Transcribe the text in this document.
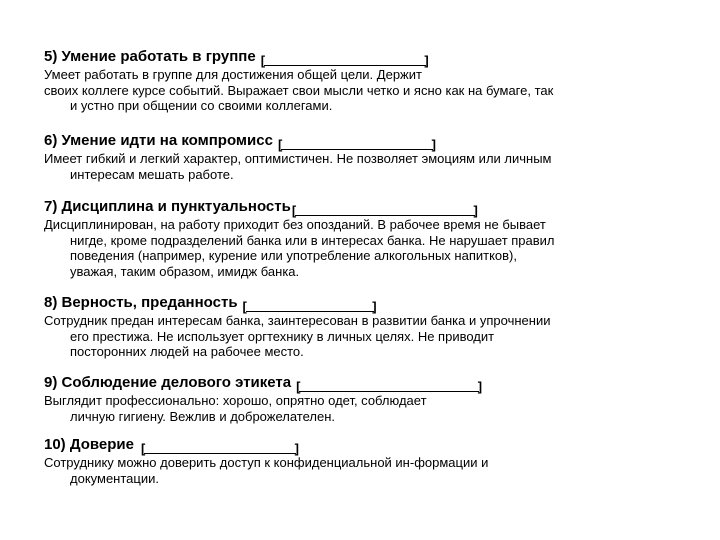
5) Умение работать в группе [	]
Умеет работать в группе для достижения общей цели. Держит
своих коллеге курсе событий. Выражает свои мысли четко и ясно как на бумаге, так
и устно при общении со своими коллегами.
6) Умение идти на компромисс [	]
Имеет гибкий и легкий характер, оптимистичен. Не позволяет эмоциям или личным
интересам мешать работе.
7) Дисциплина и пунктуальность [	]
Дисциплинирован, на работу приходит без опозданий. В рабочее время не бывает
нигде, кроме подразделений банка или в интересах банка. Не нарушает правил
поведения (например, курение или употребление алкогольных напитков),
уважая, таким образом, имидж банка.
8) Верность, преданность [	]
Сотрудник предан интересам банка, заинтересован в развитии банка и упрочнении
его престижа. Не использует оргтехнику в личных целях. Не приводит
посторонних людей на рабочее место.
9) Соблюдение делового этикета [	]
Выглядит профессионально: хорошо, опрятно одет, соблюдает
личную гигиену. Вежлив и доброжелателен.
10) Доверие [	]
Сотруднику можно доверить доступ к конфиденциальной ин-формации и
документации.
